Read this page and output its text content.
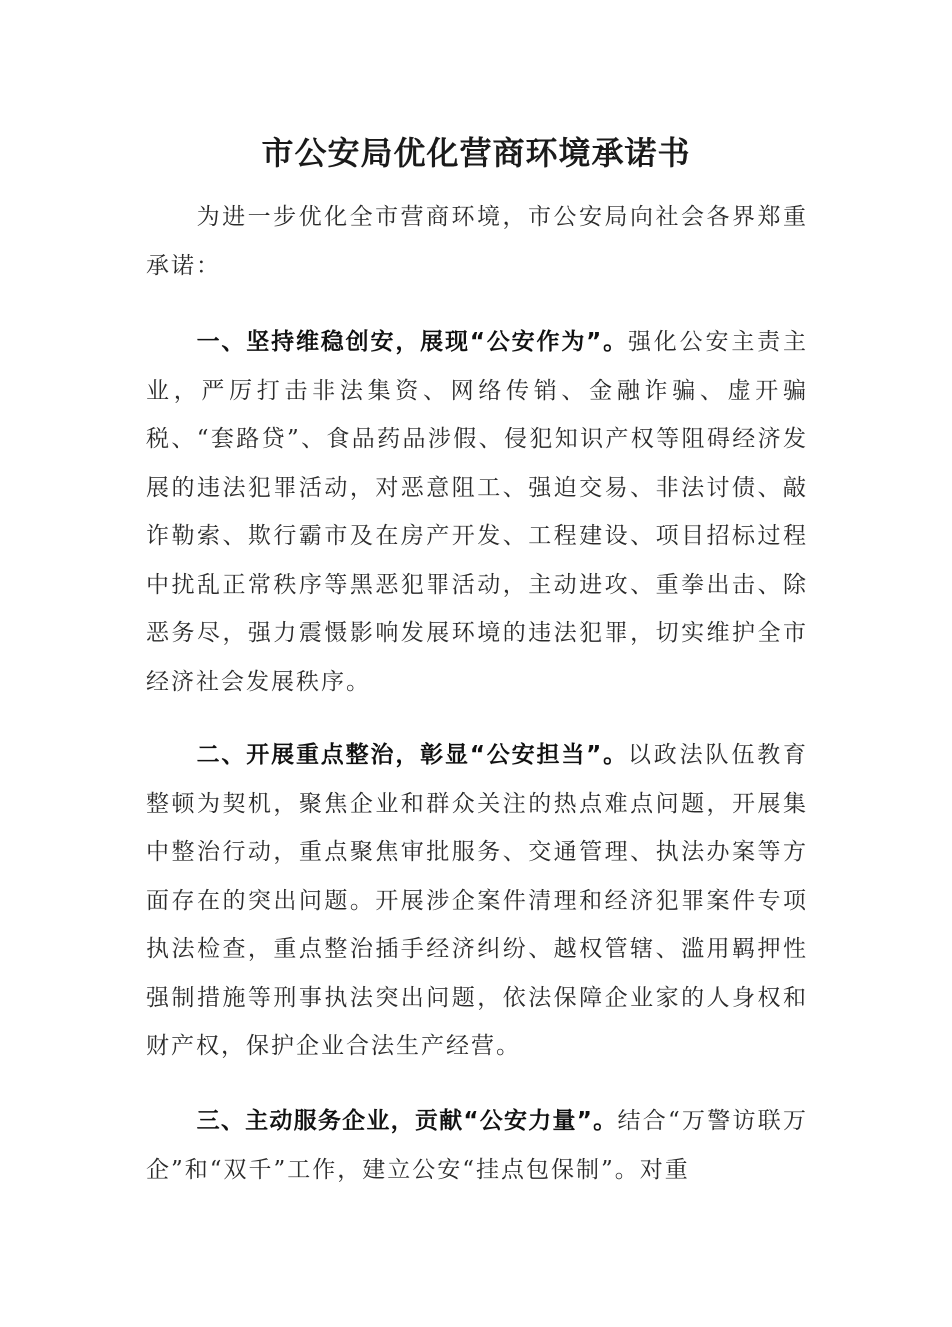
市公安局优化营商环境承诺书

为进一步优化全市营商环境，市公安局向社会各界郑重承诺：

一、坚持维稳创安，展现“公安作为”。强化公安主责主业，严厉打击非法集资、网络传销、金融诈骗、虚开骗税、“套路贷”、食品药品涉假、侵犯知识产权等阻碍经济发展的违法犯罪活动，对恶意阻工、强迫交易、非法讨债、敲诈勒索、欺行霸市及在房产开发、工程建设、项目招标过程中扰乱正常秩序等黑恶犯罪活动，主动进攻、重拳出击、除恶务尽，强力震慑影响发展环境的违法犯罪，切实维护全市经济社会发展秩序。

二、开展重点整治，彰显“公安担当”。以政法队伍教育整顿为契机，聚焦企业和群众关注的热点难点问题，开展集中整治行动，重点聚焦审批服务、交通管理、执法办案等方面存在的突出问题。开展涉企案件清理和经济犯罪案件专项执法检查，重点整治插手经济纠纷、越权管辖、滥用羁押性强制措施等刑事执法突出问题，依法保障企业家的人身权和财产权，保护企业合法生产经营。

三、主动服务企业，贡献“公安力量”。结合“万警访联万企”和“双千”工作，建立公安“挂点包保制”。对重
